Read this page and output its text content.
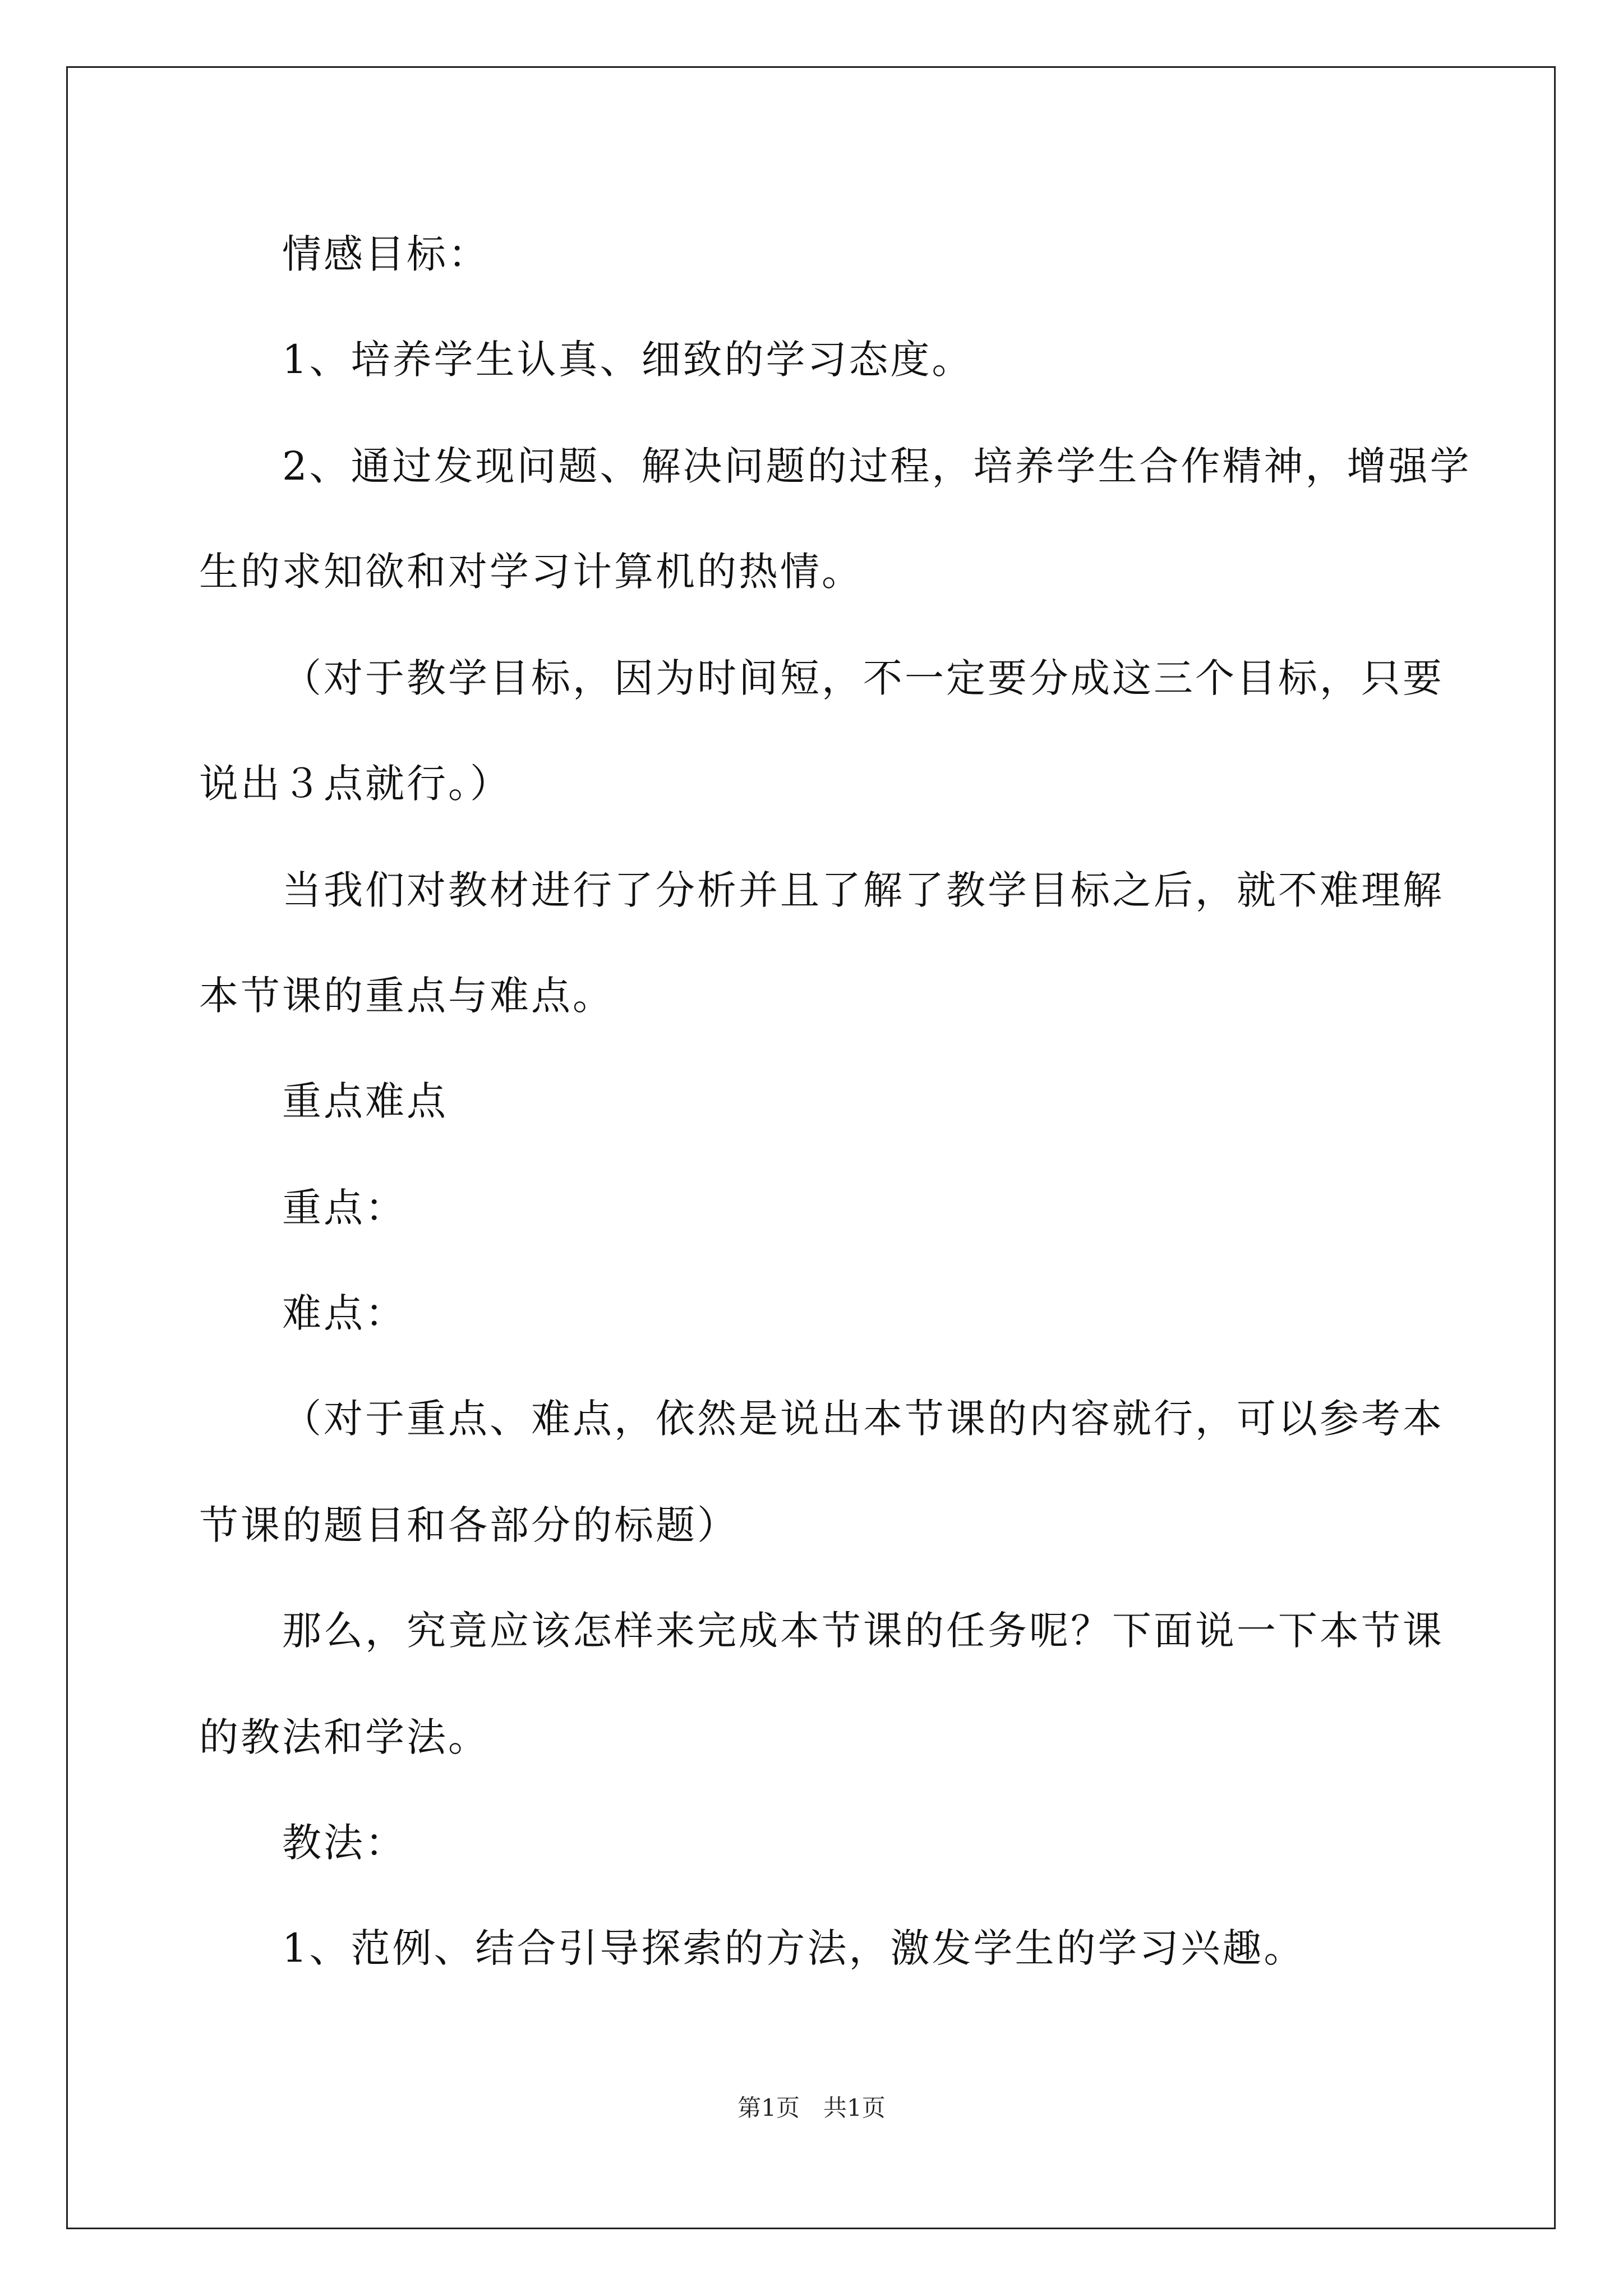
情感目标：
1、培养学生认真、细致的学习态度。
2、通过发现问题、解决问题的过程，培养学生合作精神，增强学
生的求知欲和对学习计算机的热情。
（对于教学目标，因为时间短，不一定要分成这三个目标，只要
说出３点就行。）
当我们对教材进行了分析并且了解了教学目标之后，就不难理解
本节课的重点与难点。
重点难点
重点：
难点：
（对于重点、难点，依然是说出本节课的内容就行，可以参考本
节课的题目和各部分的标题）
那么，究竟应该怎样来完成本节课的任务呢？下面说一下本节课
的教法和学法。
教法：
1、范例、结合引导探索的方法，激发学生的学习兴趣。
第1页　共1页
